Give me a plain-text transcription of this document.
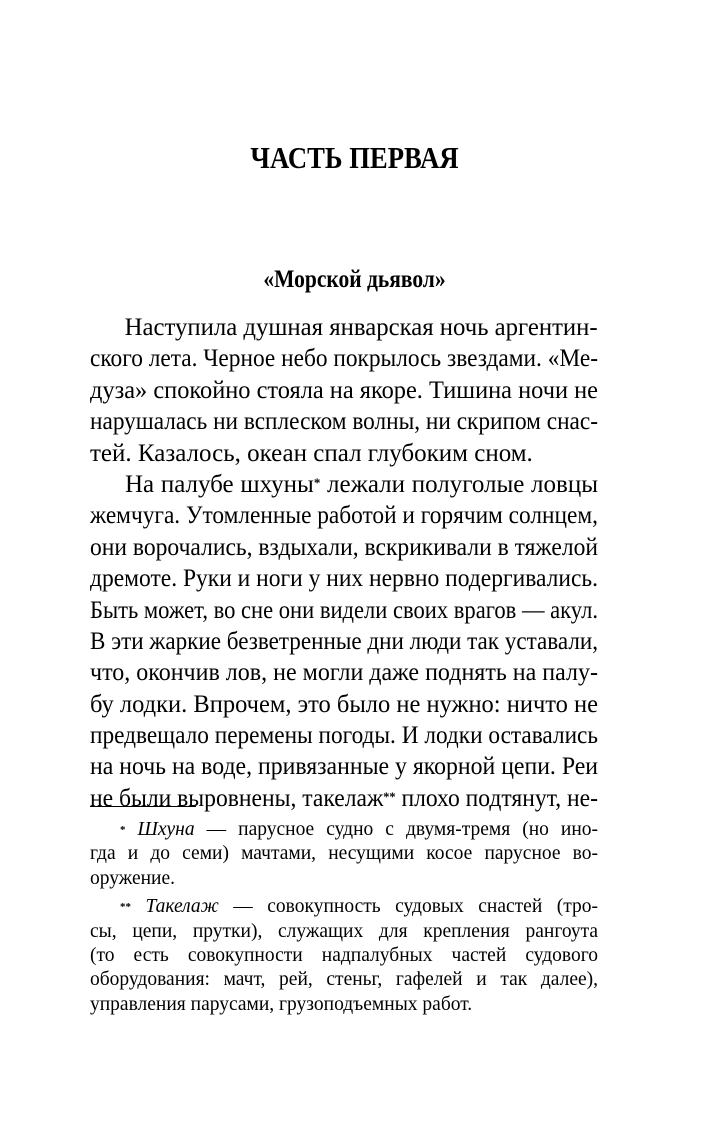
ЧАСТЬ ПЕРВАЯ
«Морской дьявол»
Наступила душная январская ночь аргентин-
ского лета. Черное небо покрылось звездами. «Ме-
дуза» спокойно стояла на якоре. Тишина ночи не
нарушалась ни всплеском волны, ни скрипом снас-
тей. Казалось, океан спал глубоким сном.
На палубе шхуны* лежали полуголые ловцы
жемчуга. Утомленные работой и горячим солнцем,
они ворочались, вздыхали, вскрикивали в тяжелой
дремоте. Руки и ноги у них нервно подергивались.
Быть может, во сне они видели своих врагов — акул.
В эти жаркие безветренные дни люди так уставали,
что, окончив лов, не могли даже поднять на палу-
бу лодки. Впрочем, это было не нужно: ничто не
предвещало перемены погоды. И лодки оставались
на ночь на воде, привязанные у якорной цепи. Реи
не были выровнены, такелаж** плохо подтянут, не-
* Шхуна — парусное судно с двумя-тремя (но ино-
гда и до семи) мачтами, несущими косое парусное во-
оружение.
** Такелаж — совокупность судовых снастей (тро-
сы, цепи, прутки), служащих для крепления рангоута
(то есть совокупности надпалубных частей судового
оборудования: мачт, рей, стеньг, гафелей и так далее),
управления парусами, грузоподъемных работ.
